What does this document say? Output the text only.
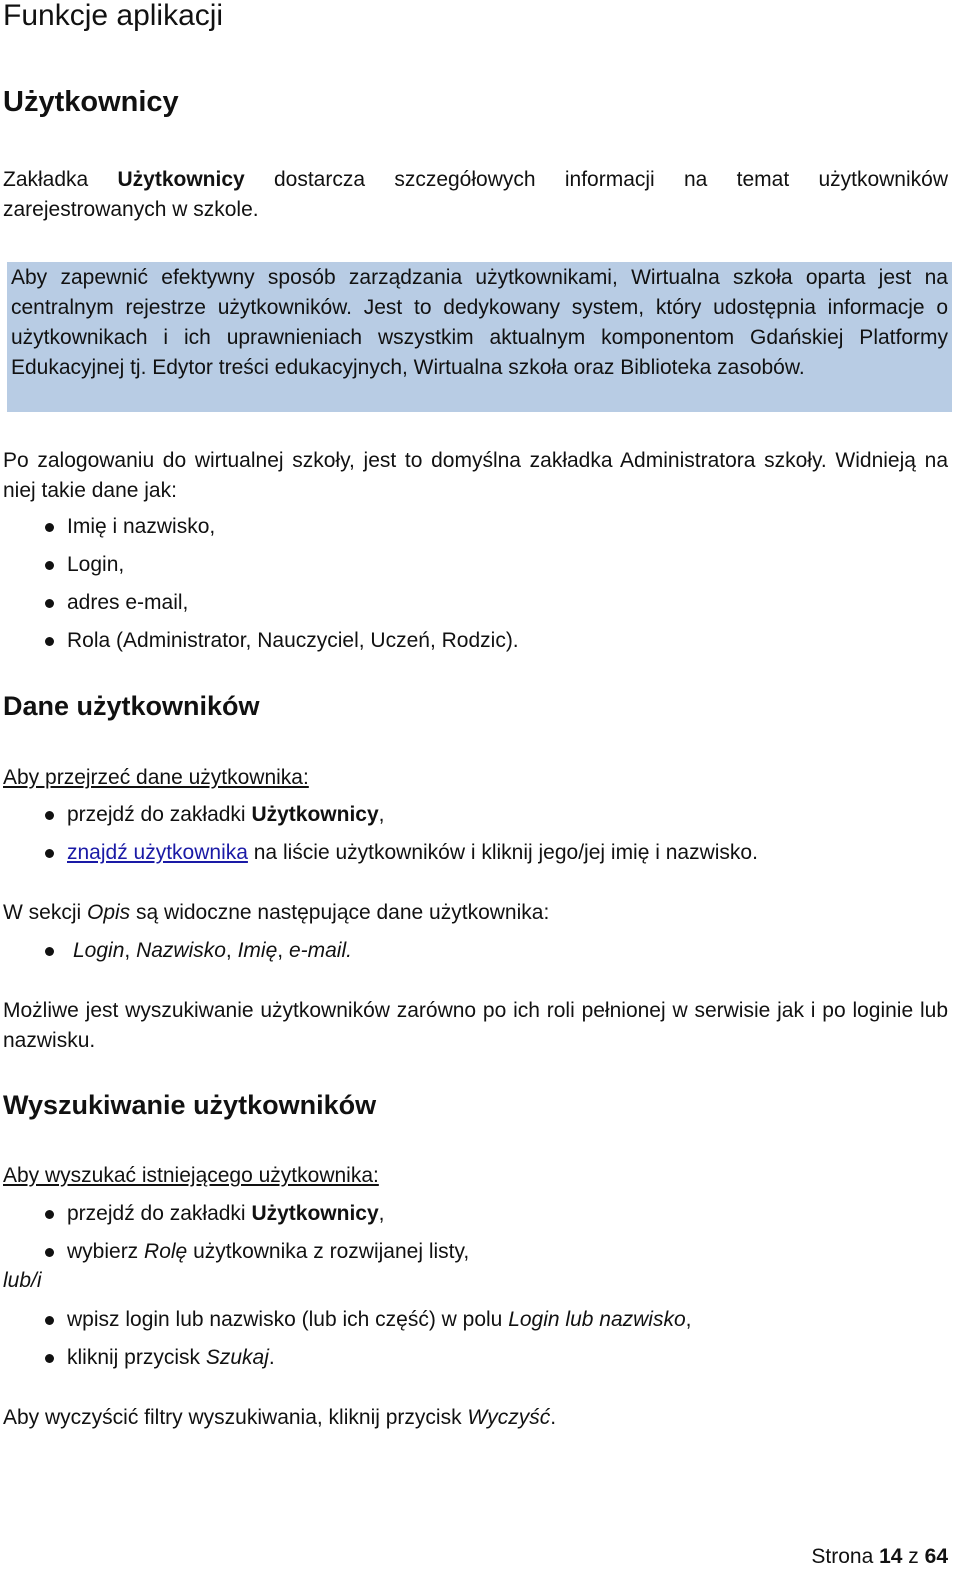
Funkcje aplikacji
Użytkownicy

Zakładka Użytkownicy dostarcza szczegółowych informacji na temat użytkowników zarejestrowanych w szkole.

Aby zapewnić efektywny sposób zarządzania użytkownikami, Wirtualna szkoła oparta jest na centralnym rejestrze użytkowników. Jest to dedykowany system, który udostępnia informacje o użytkownikach i ich uprawnieniach wszystkim aktualnym komponentom Gdańskiej Platformy Edukacyjnej tj. Edytor treści edukacyjnych, Wirtualna szkoła oraz Biblioteka zasobów.

Po zalogowaniu do wirtualnej szkoły, jest to domyślna zakładka Administratora szkoły. Widnieją na niej takie dane jak:

Imię i nazwisko,
Login,
adres e-mail,
Rola (Administrator, Nauczyciel, Uczeń, Rodzic).
Dane użytkowników

Aby przejrzeć dane użytkownika:

przejdź do zakładki Użytkownicy,
znajdź użytkownika na liście użytkowników i kliknij jego/jej imię i nazwisko.

W sekcji Opis są widoczne następujące dane użytkownika:

Login, Nazwisko, Imię, e-mail.

Możliwe jest wyszukiwanie użytkowników zarówno po ich roli pełnionej w serwisie jak i po loginie lub nazwisku.

Wyszukiwanie użytkowników

Aby wyszukać istniejącego użytkownika:

przejdź do zakładki Użytkownicy,
wybierz Rolę użytkownika z rozwijanej listy,

lub/i

wpisz login lub nazwisko (lub ich część) w polu Login lub nazwisko,
kliknij przycisk Szukaj.

Aby wyczyścić filtry wyszukiwania, kliknij przycisk Wyczyść.

Strona 14 z 64
